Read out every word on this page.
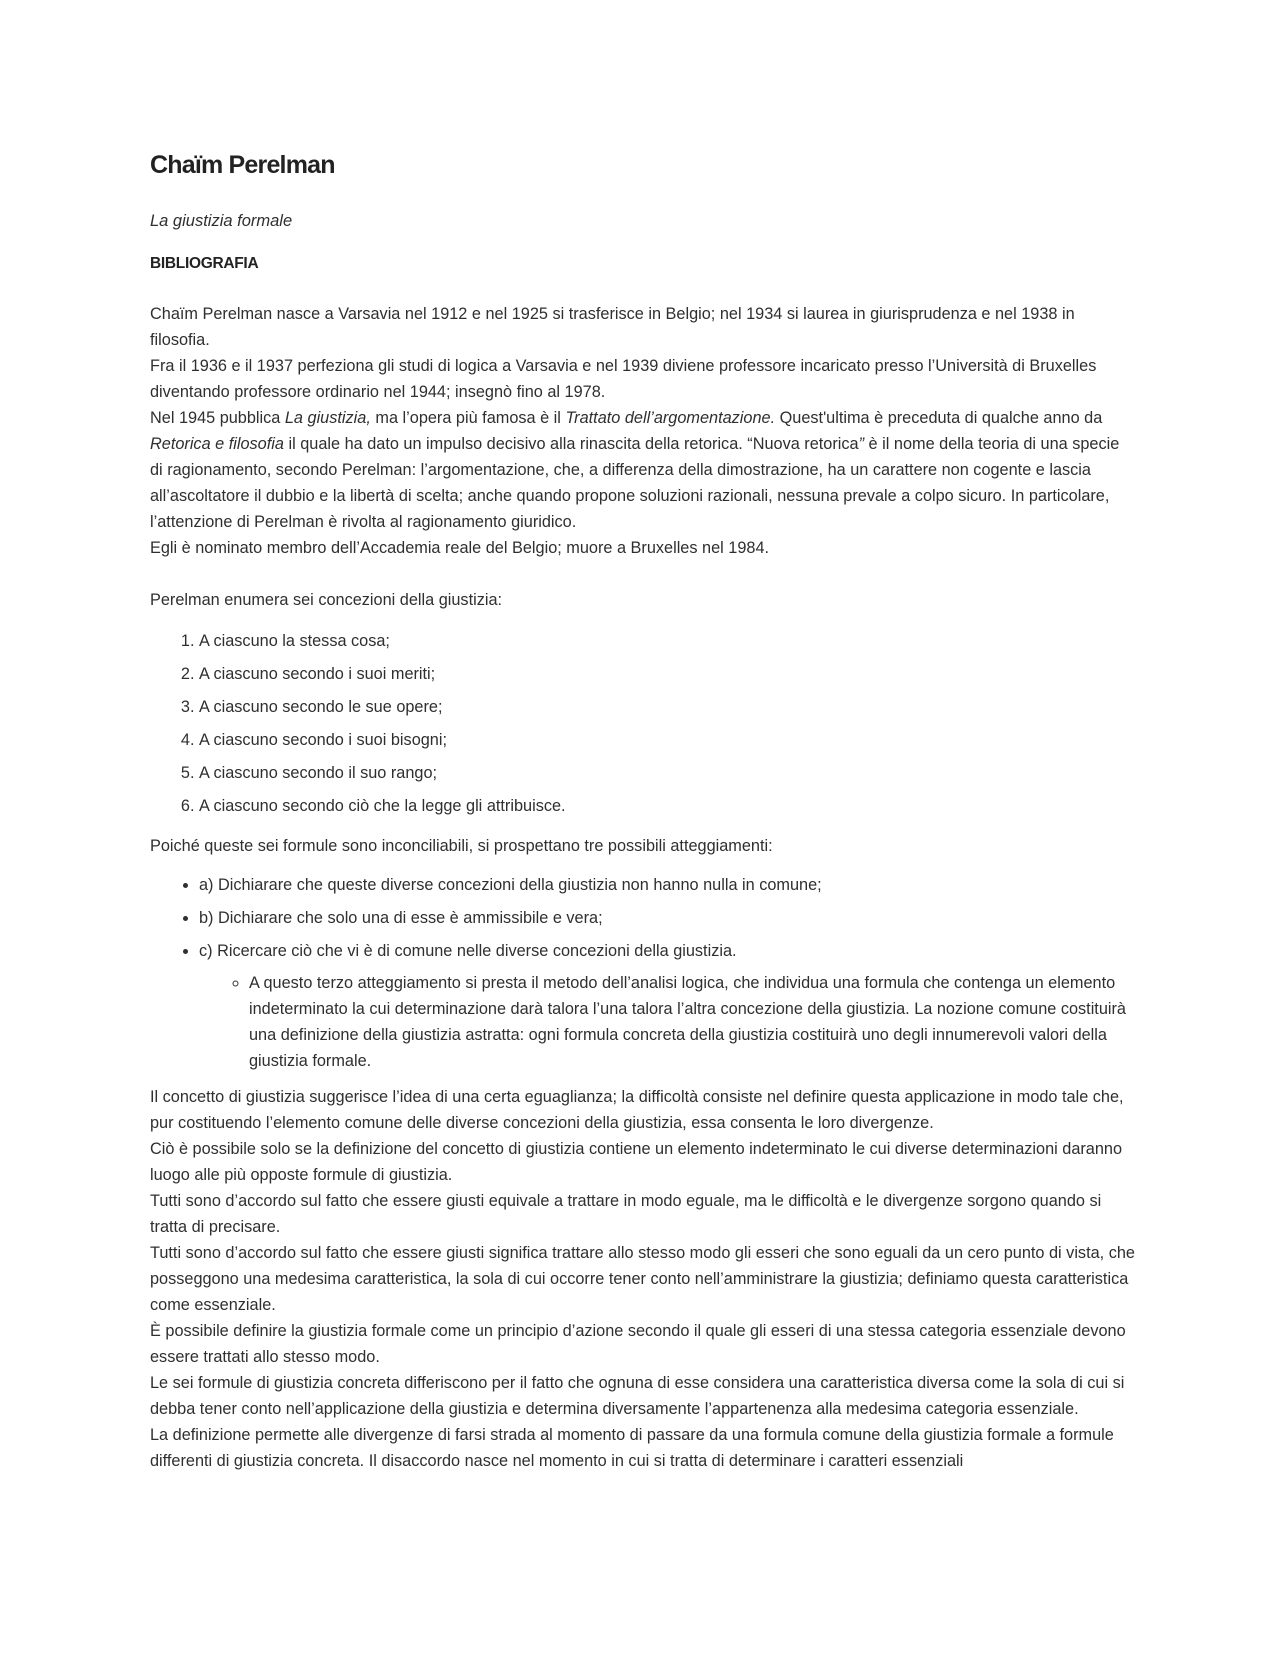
Chaïm Perelman
La giustizia formale
BIBLIOGRAFIA

Chaïm Perelman nasce a Varsavia nel 1912 e nel 1925 si trasferisce in Belgio; nel 1934 si laurea in giurisprudenza e nel 1938 in filosofia.

Fra il 1936 e il 1937 perfeziona gli studi di logica a Varsavia e nel 1939 diviene professore incaricato presso l’Università di Bruxelles diventando professore ordinario nel 1944; insegnò fino al 1978.

Nel 1945 pubblica La giustizia, ma l’opera più famosa è il Trattato dell’argomentazione. Quest'ultima è preceduta di qualche anno da Retorica e filosofia il quale ha dato un impulso decisivo alla rinascita della retorica. “Nuova retorica” è il nome della teoria di una specie di ragionamento, secondo Perelman: l’argomentazione, che, a differenza della dimostrazione, ha un carattere non cogente e lascia all’ascoltatore il dubbio e la libertà di scelta; anche quando propone soluzioni razionali, nessuna prevale a colpo sicuro. In particolare, l’attenzione di Perelman è rivolta al ragionamento giuridico.

Egli è nominato membro dell’Accademia reale del Belgio; muore a Bruxelles nel 1984.

Perelman enumera sei concezioni della giustizia:

1. A ciascuno la stessa cosa;
2. A ciascuno secondo i suoi meriti;
3. A ciascuno secondo le sue opere;
4. A ciascuno secondo i suoi bisogni;
5. A ciascuno secondo il suo rango;
6. A ciascuno secondo ciò che la legge gli attribuisce.

Poiché queste sei formule sono inconciliabili, si prospettano tre possibili atteggiamenti:

• a) Dichiarare che queste diverse concezioni della giustizia non hanno nulla in comune;
• b) Dichiarare che solo una di esse è ammissibile e vera;
• c) Ricercare ciò che vi è di comune nelle diverse concezioni della giustizia.
◦ A questo terzo atteggiamento si presta il metodo dell’analisi logica, che individua una formula che contenga un elemento indeterminato la cui determinazione darà talora l’una talora l’altra concezione della giustizia. La nozione comune costituirà una definizione della giustizia astratta: ogni formula concreta della giustizia costituirà uno degli innumerevoli valori della giustizia formale.

Il concetto di giustizia suggerisce l’idea di una certa eguaglianza; la difficoltà consiste nel definire questa applicazione in modo tale che, pur costituendo l’elemento comune delle diverse concezioni della giustizia, essa consenta le loro divergenze.

Ciò è possibile solo se la definizione del concetto di giustizia contiene un elemento indeterminato le cui diverse determinazioni daranno luogo alle più opposte formule di giustizia.

Tutti sono d’accordo sul fatto che essere giusti equivale a trattare in modo eguale, ma le difficoltà e le divergenze sorgono quando si tratta di precisare.

Tutti sono d’accordo sul fatto che essere giusti significa trattare allo stesso modo gli esseri che sono eguali da un cero punto di vista, che posseggono una medesima caratteristica, la sola di cui occorre tener conto nell’amministrare la giustizia; definiamo questa caratteristica come essenziale.

È possibile definire la giustizia formale come un principio d’azione secondo il quale gli esseri di una stessa categoria essenziale devono essere trattati allo stesso modo.

Le sei formule di giustizia concreta differiscono per il fatto che ognuna di esse considera una caratteristica diversa come la sola di cui si debba tener conto nell’applicazione della giustizia e determina diversamente l’appartenenza alla medesima categoria essenziale.

La definizione permette alle divergenze di farsi strada al momento di passare da una formula comune della giustizia formale a formule differenti di giustizia concreta. Il disaccordo nasce nel momento in cui si tratta di determinare i caratteri essenziali
